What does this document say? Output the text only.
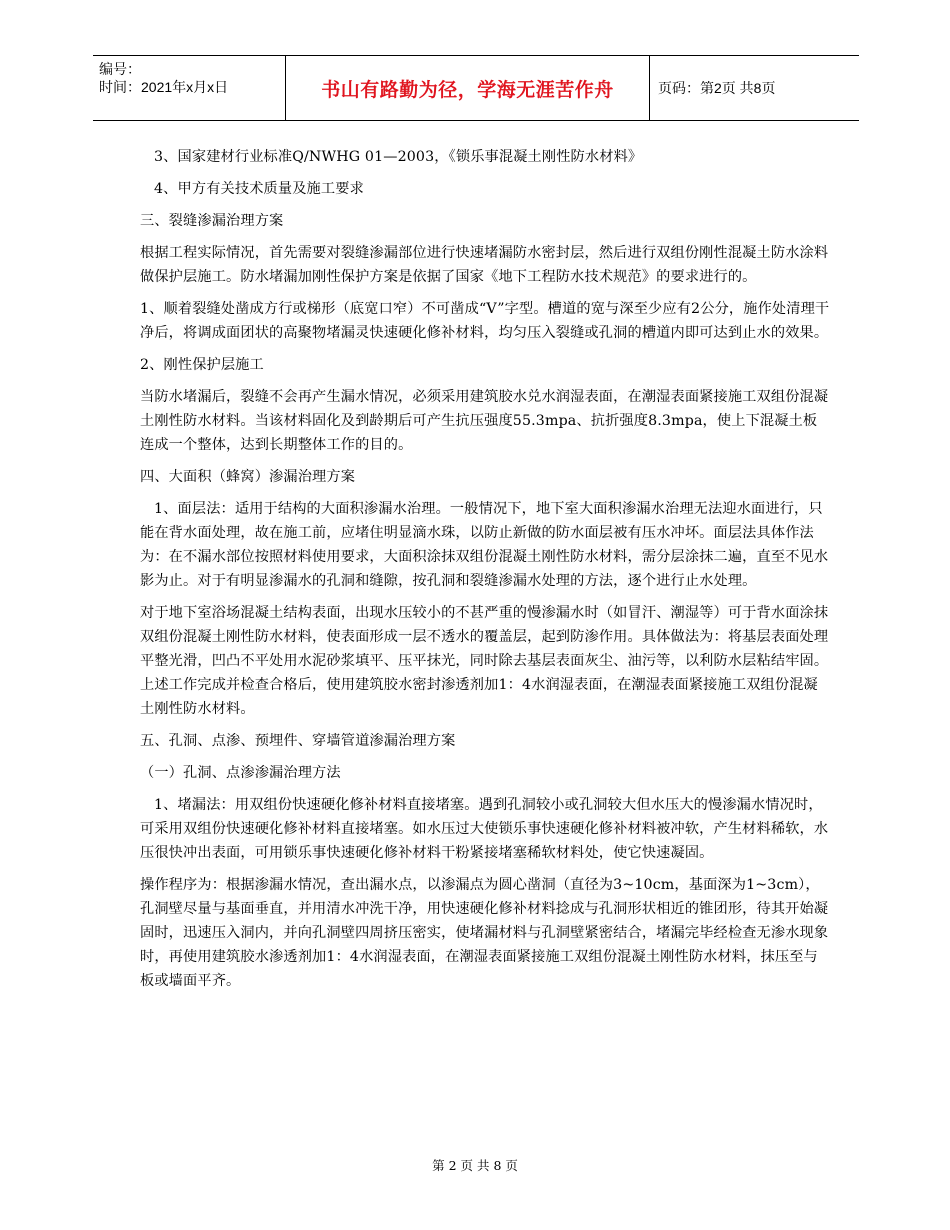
编号：
时间：2021年x月x日	书山有路勤为径，学海无涯苦作舟	页码：第2页 共8页

3、国家建材行业标准Q/NWHG 01—2003，《锁乐事混凝土刚性防水材料》

4、甲方有关技术质量及施工要求

三、裂缝渗漏治理方案

根据工程实际情况，首先需要对裂缝渗漏部位进行快速堵漏防水密封层，然后进行双组份刚性混凝土防水涂料做保护层施工。防水堵漏加刚性保护方案是依据了国家《地下工程防水技术规范》的要求进行的。

1、顺着裂缝处凿成方行或梯形（底宽口窄）不可凿成“V”字型。槽道的宽与深至少应有2公分，施作处清理干净后，将调成面团状的高聚物堵漏灵快速硬化修补材料，均匀压入裂缝或孔洞的槽道内即可达到止水的效果。

2、刚性保护层施工

当防水堵漏后，裂缝不会再产生漏水情况，必须采用建筑胶水兑水润湿表面，在潮湿表面紧接施工双组份混凝土刚性防水材料。当该材料固化及到龄期后可产生抗压强度55.3mpa、抗折强度8.3mpa，使上下混凝土板连成一个整体，达到长期整体工作的目的。

四、大面积（蜂窝）渗漏治理方案

1、面层法：适用于结构的大面积渗漏水治理。一般情况下，地下室大面积渗漏水治理无法迎水面进行，只能在背水面处理，故在施工前，应堵住明显滴水珠，以防止新做的防水面层被有压水冲坏。面层法具体作法为：在不漏水部位按照材料使用要求，大面积涂抹双组份混凝土刚性防水材料，需分层涂抹二遍，直至不见水影为止。对于有明显渗漏水的孔洞和缝隙，按孔洞和裂缝渗漏水处理的方法，逐个进行止水处理。

对于地下室浴场混凝土结构表面，出现水压较小的不甚严重的慢渗漏水时（如冒汗、潮湿等）可于背水面涂抹双组份混凝土刚性防水材料，使表面形成一层不透水的覆盖层，起到防渗作用。具体做法为：将基层表面处理平整光滑，凹凸不平处用水泥砂浆填平、压平抹光，同时除去基层表面灰尘、油污等，以利防水层粘结牢固。上述工作完成并检查合格后，使用建筑胶水密封渗透剂加1：4水润湿表面，在潮湿表面紧接施工双组份混凝土刚性防水材料。

五、孔洞、点渗、预埋件、穿墙管道渗漏治理方案

（一）孔洞、点渗渗漏治理方法

1、堵漏法：用双组份快速硬化修补材料直接堵塞。遇到孔洞较小或孔洞较大但水压大的慢渗漏水情况时，可采用双组份快速硬化修补材料直接堵塞。如水压过大使锁乐事快速硬化修补材料被冲软，产生材料稀软，水压很快冲出表面，可用锁乐事快速硬化修补材料干粉紧接堵塞稀软材料处，使它快速凝固。

操作程序为：根据渗漏水情况，查出漏水点，以渗漏点为圆心凿洞（直径为3~10cm，基面深为1~3cm），孔洞壁尽量与基面垂直，并用清水冲洗干净，用快速硬化修补材料捻成与孔洞形状相近的锥团形，待其开始凝固时，迅速压入洞内，并向孔洞壁四周挤压密实，使堵漏材料与孔洞壁紧密结合，堵漏完毕经检查无渗水现象时，再使用建筑胶水渗透剂加1：4水润湿表面，在潮湿表面紧接施工双组份混凝土刚性防水材料，抹压至与板或墙面平齐。

第 2 页 共 8 页
